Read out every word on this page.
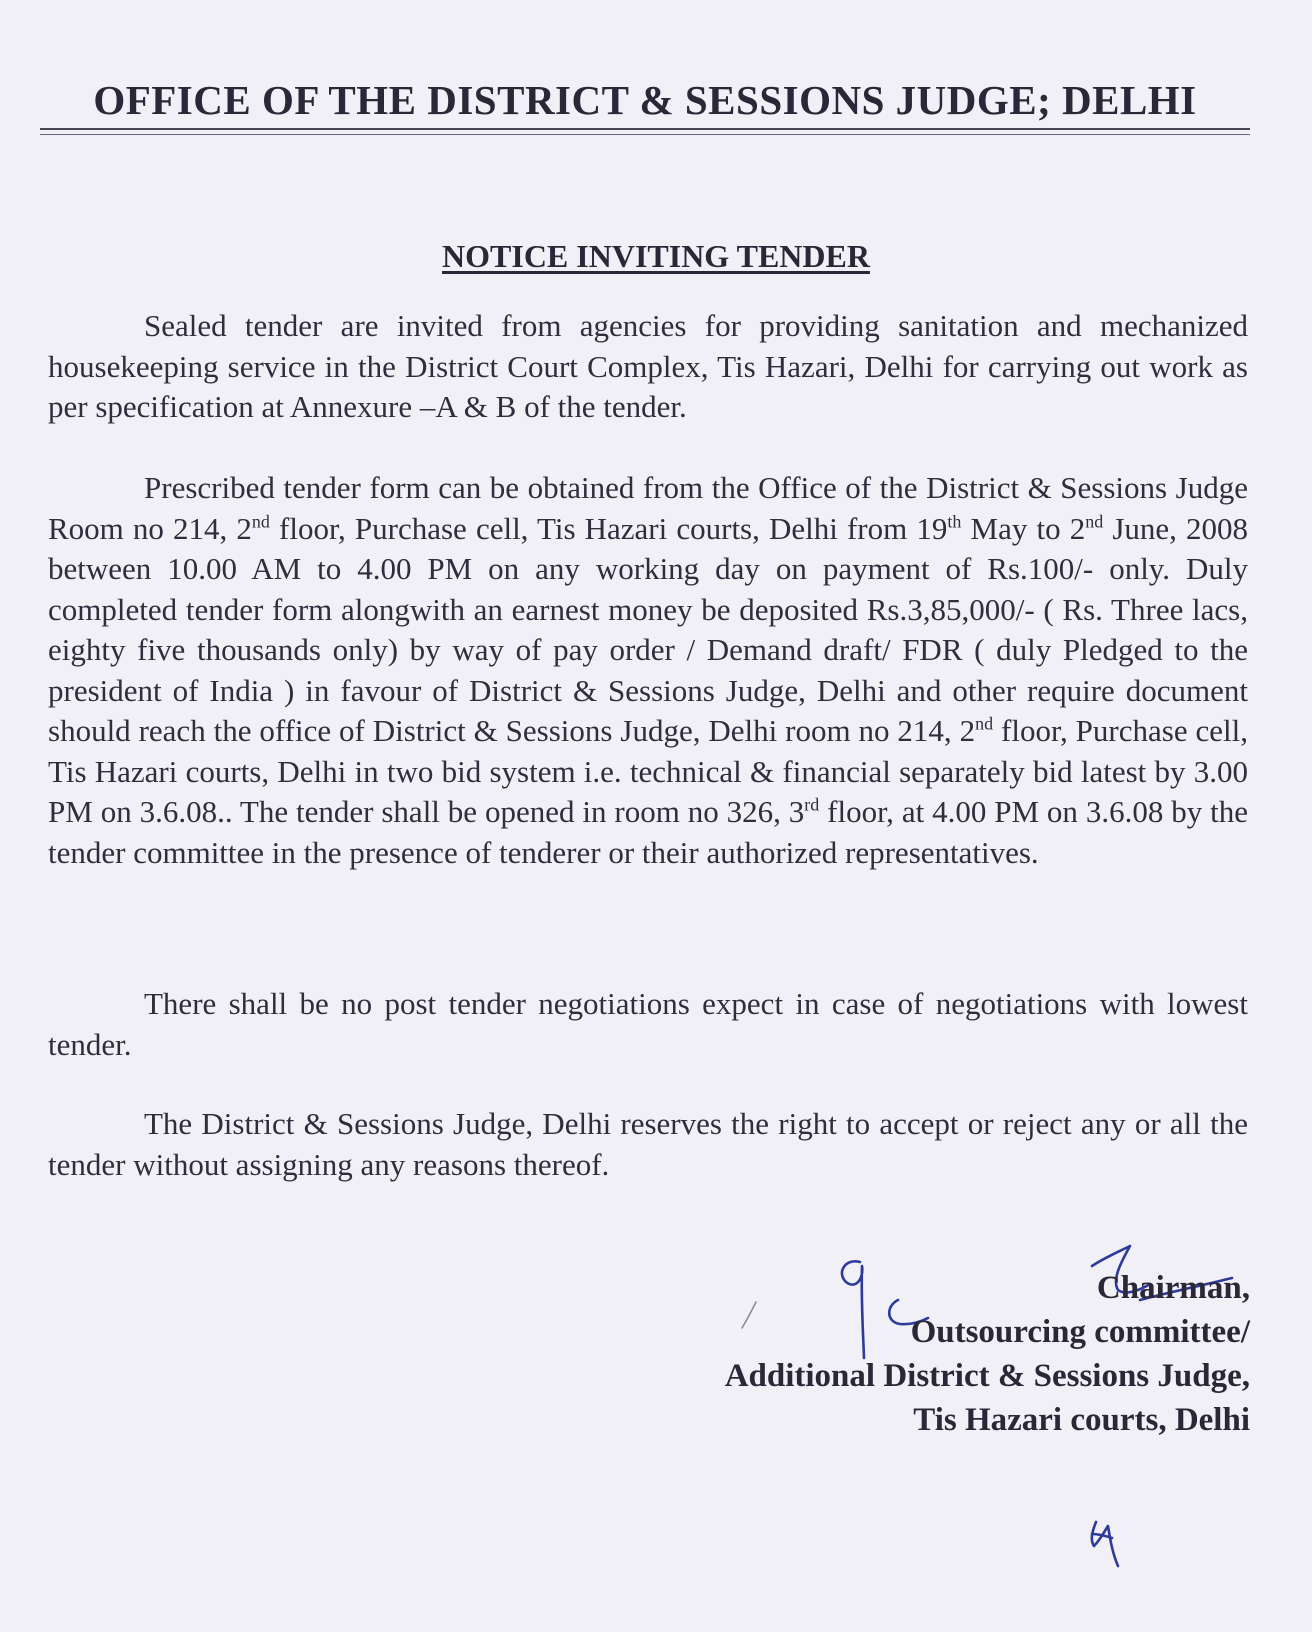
OFFICE OF THE DISTRICT & SESSIONS JUDGE; DELHI
NOTICE INVITING TENDER
Sealed tender are invited from agencies for providing sanitation and mechanized housekeeping service in the District Court Complex, Tis Hazari, Delhi for carrying out work as per specification at Annexure –A & B of the tender.
Prescribed tender form can be obtained from the Office of the District & Sessions Judge Room no 214, 2nd floor, Purchase cell, Tis Hazari courts, Delhi from 19th May to 2nd June, 2008 between 10.00 AM to 4.00 PM on any working day on payment of Rs.100/- only. Duly completed tender form alongwith an earnest money be deposited Rs.3,85,000/- ( Rs. Three lacs, eighty five thousands only) by way of pay order / Demand draft/ FDR ( duly Pledged to the president of India ) in favour of District & Sessions Judge, Delhi and other require document should reach the office of District & Sessions Judge, Delhi room no 214, 2nd floor, Purchase cell, Tis Hazari courts, Delhi in two bid system i.e. technical & financial separately bid latest by 3.00 PM on 3.6.08.. The tender shall be opened in room no 326, 3rd floor, at 4.00 PM on 3.6.08 by the tender committee in the presence of tenderer or their authorized representatives.
There shall be no post tender negotiations expect in case of negotiations with lowest tender.
The District & Sessions Judge, Delhi reserves the right to accept or reject any or all the tender without assigning any reasons thereof.
Chairman,
Outsourcing committee/
Additional District & Sessions Judge,
Tis Hazari courts, Delhi
